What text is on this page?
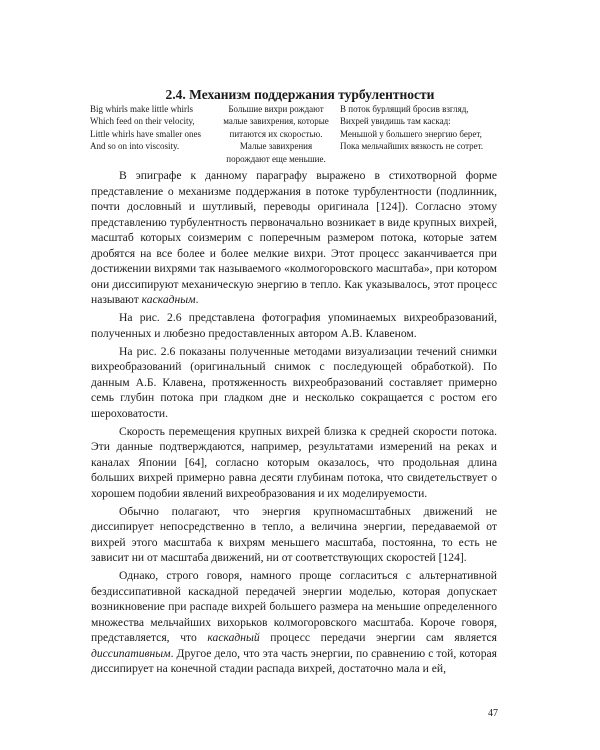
2.4. Механизм поддержания турбулентности
Big whirls make little whirls
Which feed on their velocity,
Little whirls have smaller ones
And so on into viscosity.
Большие вихри рождают
малые завихрения, которые
питаются их скоростью.
Малые завихрения
порождают еще меньшие.
В поток бурлящий бросив взгляд,
Вихрей увидишь там каскад:
Меньшой у большего энергию берет,
Пока мельчайших вязкость не сотрет.

В эпиграфе к данному параграфу выражено в стихотворной форме представление о механизме поддержания в потоке турбулентности (подлинник, почти дословный и шутливый, переводы оригинала [124]). Согласно этому представлению турбулентность первоначально возникает в виде крупных вихрей, масштаб которых соизмерим с поперечным размером потока, которые затем дробятся на все более и более мелкие вихри. Этот процесс заканчивается при достижении вихрями так называемого «колмогоровского масштаба», при котором они диссипируют механическую энергию в тепло. Как указывалось, этот процесс называют каскадным.

На рис. 2.6 представлена фотография упоминаемых вихреобразований, полученных и любезно предоставленных автором А.В. Клавеном.

На рис. 2.6 показаны полученные методами визуализации течений снимки вихреобразований (оригинальный снимок с последующей обработкой). По данным А.Б. Клавена, протяженность вихреобразований составляет примерно семь глубин потока при гладком дне и несколько сокращается с ростом его шероховатости.

Скорость перемещения крупных вихрей близка к средней скорости потока. Эти данные подтверждаются, например, результатами измерений на реках и каналах Японии [64], согласно которым оказалось, что продольная длина больших вихрей примерно равна десяти глубинам потока, что свидетельствует о хорошем подобии явлений вихреобразования и их моделируемости.

Обычно полагают, что энергия крупномасштабных движений не диссипирует непосредственно в тепло, а величина энергии, передаваемой от вихрей этого масштаба к вихрям меньшего масштаба, постоянна, то есть не зависит ни от масштаба движений, ни от соответствующих скоростей [124].

Однако, строго говоря, намного проще согласиться с альтернативной бездиссипативной каскадной передачей энергии моделью, которая допускает возникновение при распаде вихрей большего размера на меньшие определенного множества мельчайших вихорьков колмогоровского масштаба. Короче говоря, представляется, что каскадный процесс передачи энергии сам является диссипативным. Другое дело, что эта часть энергии, по сравнению с той, которая диссипирует на конечной стадии распада вихрей, достаточно мала и ей,

47
